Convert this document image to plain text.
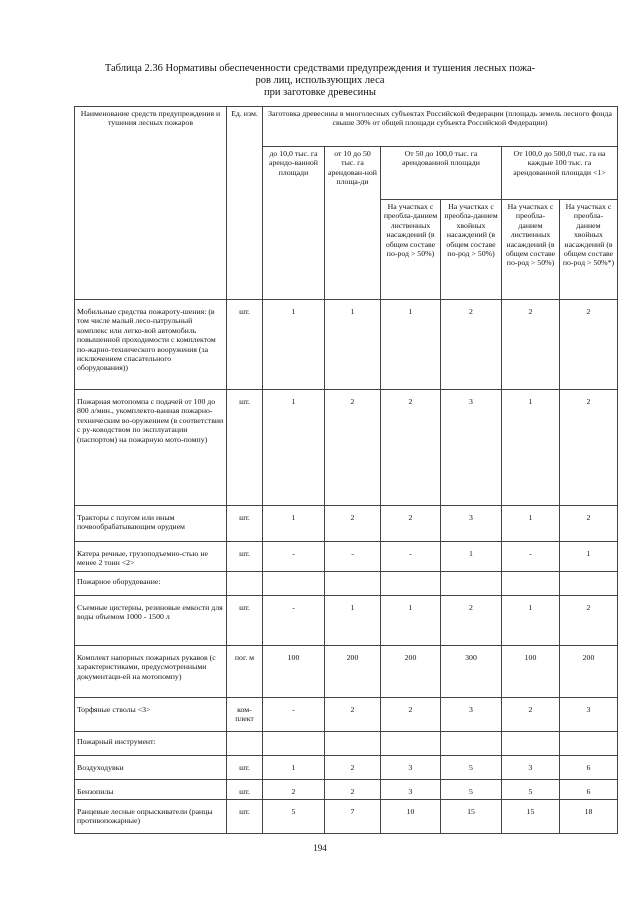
Таблица 2.36 Нормативы обеспеченности средствами предупреждения и тушения лесных пожа-
ров лиц, использующих леса
при заготовке древесины
Наименование средств предупреждения и тушения лесных пожаров	Ед. изм.	Заготовка древесины в многолесных субъектах Российской Федерации (площадь земель лесного фонда свыше 30% от общей площади субъекта Российской Федерации)					
		до 10,0 тыс. га арендо-ванной площади	от 10 до 50 тыс. га арендован-ной площа-ди	От 50 до 100,0 тыс. га арендованной площади		От 100,0 до 500,0 тыс. га на каждые 100 тыс. га арендованной площади <1>	
				На участках с преобла-данием лиственных насаждений (в общем составе по-род > 50%)	На участках с преобла-данием хвойных насаждений (в общем составе по-род > 50%)	На участках с преобла-данием лиственных насаждений (в общем составе по-род > 50%)	На участках с преобла-данием хвойных насаждений (в общем составе по-род > 50%*)
Мобильные средства пожароту-шения: (в том числе малый лесо-патрульный комплекс или легко-вой автомобиль повышенной проходимости с комплектом по-жарно-технического вооружения (за исключением спасательного оборудования))	шт.	1	1	1	2	2	2
Пожарная мотопомпа с подачей от 100 до 800 л/мин., укомплекто-ванная пожарно-техническим во-оружением (в соответствии с ру-ководством по эксплуатации (паспортом) на пожарную мото-помпу)	шт.	1	2	2	3	1	2
Тракторы с плугом или иным почвообрабатывающим орудием	шт.	1	2	2	3	1	2
Катера речные, грузоподъемно-стью не менее 2 тонн <2>	шт.	-	-	-	1	-	1
Пожарное оборудование:							
Съемные цистерны, резиновые емкости для воды объемом 1000 - 1500 л	шт.	-	1	1	2	1	2
Комплект напорных пожарных рукавов (с характеристиками, предусмотренными документаци-ей на мотопомпу)	пог. м	100	200	200	300	100	200
Торфяные стволы <3>	ком-плект	-	2	2	3	2	3
Пожарный инструмент:							
Воздуходувки	шт.	1	2	3	5	3	6
Бензопилы	шт.	2	2	3	5	5	6
Ранцевые лесные опрыскиватели (ранцы противопожарные)	шт.	5	7	10	15	15	18
194
